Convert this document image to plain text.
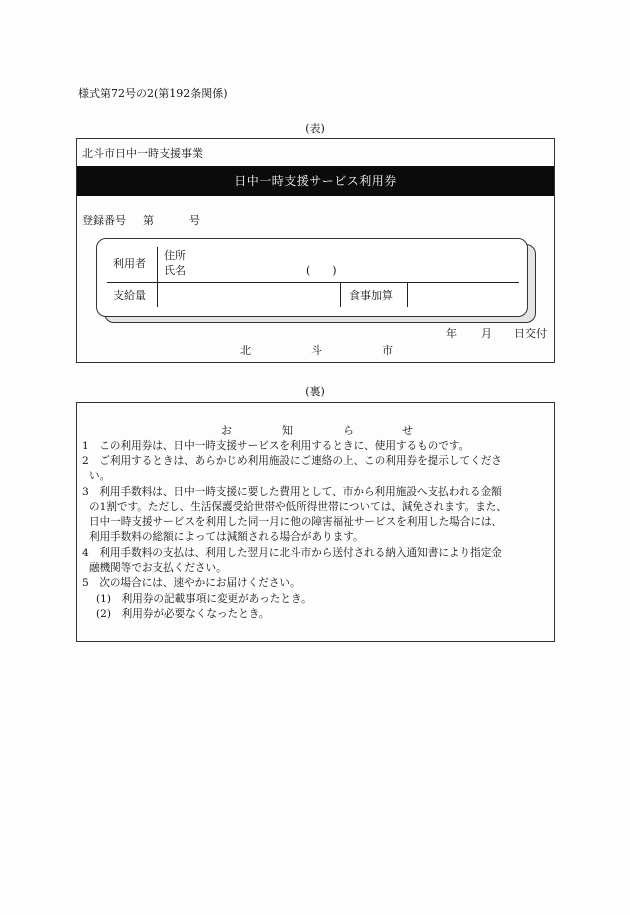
様式第72号の2(第192条関係)
(表)
北斗市日中一時支援事業
日中一時支援サービス利用券
登録番号 第	号
利用者
住所
氏名	(　　)
支給量	食事加算
年 月 日交付
北	斗	市
(裏)
お	知	ら	せ
1　この利用券は、日中一時支援サービスを利用するときに、使用するものです。
2　ご利用するときは、あらかじめ利用施設にご連絡の上、この利用券を提示してくださ
い。
3　利用手数料は、日中一時支援に要した費用として、市から利用施設へ支払われる金額
の1割です。ただし、生活保護受給世帯や低所得世帯については、減免されます。また、
日中一時支援サービスを利用した同一月に他の障害福祉サービスを利用した場合には、
利用手数料の総額によっては減額される場合があります。
4　利用手数料の支払は、利用した翌月に北斗市から送付される納入通知書により指定金
融機関等でお支払ください。
5　次の場合には、速やかにお届けください。
(1)　利用券の記載事項に変更があったとき。
(2)　利用券が必要なくなったとき。
